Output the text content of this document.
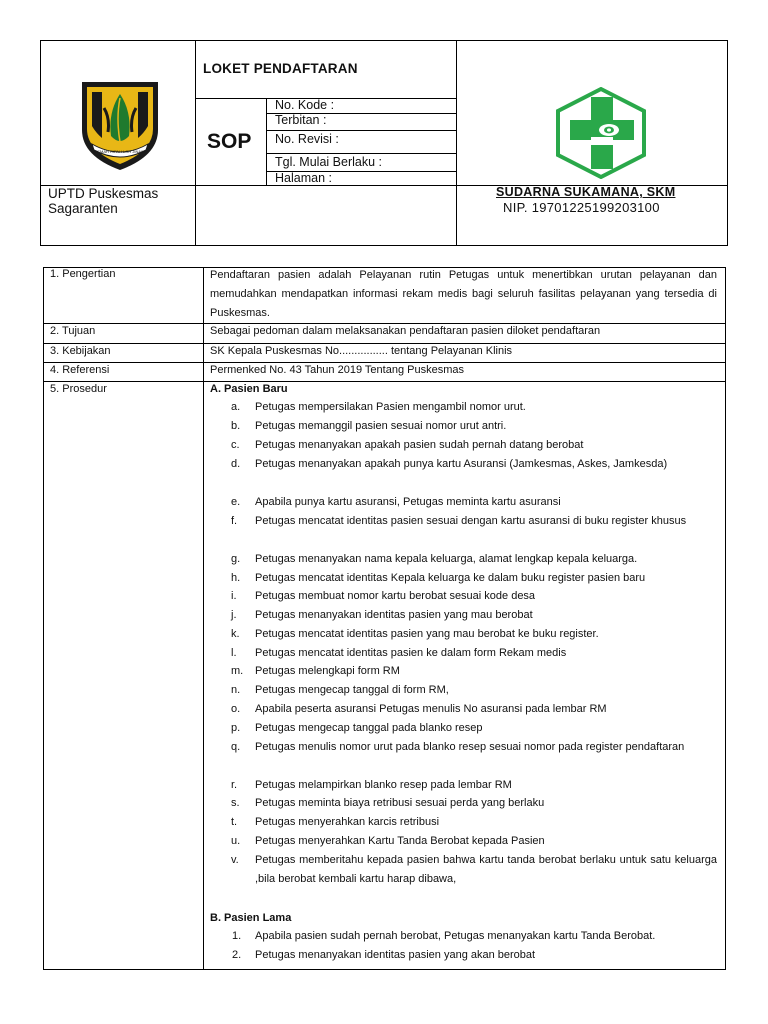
GEMAH RIPAH LOH JINAWI
LOKET PENDAFTARAN
SOP
No. Kode :
Terbitan :
No. Revisi :
Tgl. Mulai Berlaku :
Halaman :
UPTD Puskesmas
Sagaranten
SUDARNA SUKAMANA, SKM
NIP. 19701225199203100
1. Pengertian	Pendaftaran pasien adalah Pelayanan rutin Petugas untuk menertibkan urutan pelayanan dan memudahkan mendapatkan informasi rekam medis bagi seluruh fasilitas pelayanan yang tersedia di Puskesmas.
2. Tujuan	Sebagai pedoman dalam melaksanakan pendaftaran pasien diloket pendaftaran
3. Kebijakan	SK Kepala Puskesmas No................ tentang Pelayanan Klinis
4. Referensi	Permenked No. 43 Tahun 2019 Tentang Puskesmas
5. Prosedur	A. Pasien Baru
a.	Petugas mempersilakan Pasien mengambil nomor urut.
b.	Petugas memanggil pasien sesuai nomor urut antri.
c.	Petugas menanyakan apakah pasien sudah pernah datang berobat
d.	Petugas menanyakan apakah punya kartu Asuransi (Jamkesmas, Askes, Jamkesda)
e.	Apabila punya kartu asuransi, Petugas meminta kartu asuransi
f.	Petugas mencatat identitas pasien sesuai dengan kartu asuransi di buku register khusus
g.	Petugas menanyakan nama kepala keluarga, alamat lengkap kepala keluarga.
h.	Petugas mencatat identitas Kepala keluarga ke dalam buku register pasien baru
i.	Petugas membuat nomor kartu berobat sesuai kode desa
j.	Petugas menanyakan identitas pasien yang mau berobat
k.	Petugas mencatat identitas pasien yang mau berobat ke buku register.
l.	Petugas mencatat identitas pasien ke dalam form Rekam medis
m.	Petugas melengkapi form RM
n.	Petugas mengecap tanggal di form RM,
o.	Apabila peserta asuransi Petugas menulis No asuransi pada lembar RM
p.	Petugas mengecap tanggal pada blanko resep
q.	Petugas menulis nomor urut pada blanko resep sesuai nomor pada register pendaftaran
r.	Petugas melampirkan blanko resep pada lembar RM
s.	Petugas meminta biaya retribusi sesuai perda yang berlaku
t.	Petugas menyerahkan karcis retribusi
u.	Petugas menyerahkan Kartu Tanda Berobat kepada Pasien
v.	Petugas memberitahu kepada pasien bahwa kartu tanda berobat berlaku untuk satu keluarga ,bila berobat kembali kartu harap dibawa,
B. Pasien Lama
1.	Apabila pasien sudah pernah berobat, Petugas menanyakan kartu Tanda Berobat.
2.	Petugas menanyakan identitas pasien yang akan berobat
